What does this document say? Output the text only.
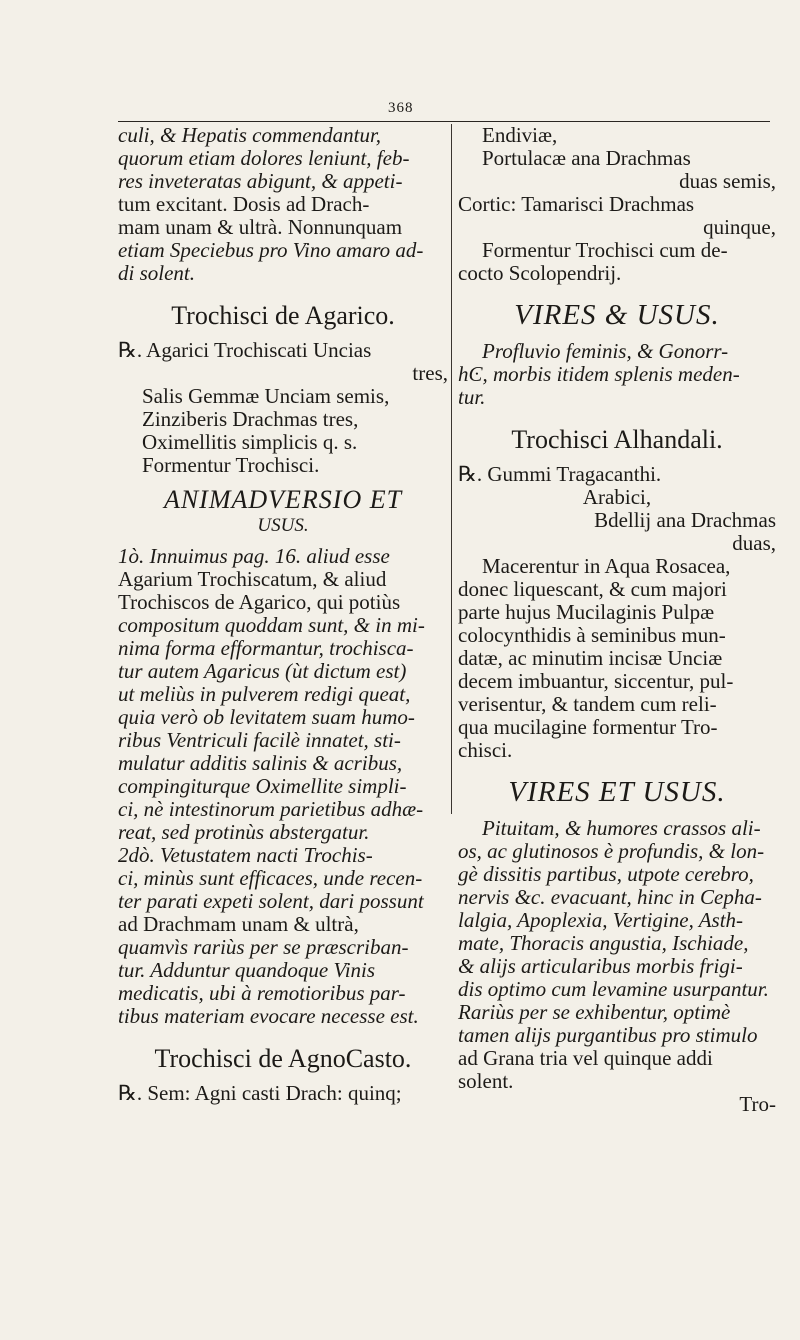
368

culi, & Hepatis commendantur,

quorum etiam dolores leniunt, feb-

res inveteratas abigunt, & appeti-

tum excitant. Dosis ad Drach-

mam unam & ultrà. Nonnunquam

etiam Speciebus pro Vino amaro ad-

di solent.

Trochisci de Agarico.

℞. Agarici Trochiscati Uncias

tres,

Salis Gemmæ Unciam semis,

Zinziberis Drachmas tres,

Oximellitis simplicis q. s.

Formentur Trochisci.

ANIMADVERSIO ET
USUS.

1ò. Innuimus pag. 16. aliud esse

Agarium Trochiscatum, & aliud

Trochiscos de Agarico, qui potiùs

compositum quoddam sunt, & in mi-

nima forma efformantur, trochisca-

tur autem Agaricus (ùt dictum est)

ut meliùs in pulverem redigi queat,

quia verò ob levitatem suam humo-

ribus Ventriculi facilè innatet, sti-

mulatur additis salinis & acribus,

compingiturque Oximellite simpli-

ci, nè intestinorum parietibus adhæ-

reat, sed protinùs abstergatur.

2dò. Vetustatem nacti Trochis-

ci, minùs sunt efficaces, unde recen-

ter parati expeti solent, dari possunt

ad Drachmam unam & ultrà,

quamvìs rariùs per se præscriban-

tur. Adduntur quandoque Vinis

medicatis, ubi à remotioribus par-

tibus materiam evocare necesse est.

Trochisci de AgnoCasto.

℞. Sem: Agni casti Drach: quinq;

Endiviæ,

Portulacæ ana Drachmas

duas semis,

Cortic: Tamarisci Drachmas

quinque,

Formentur Trochisci cum de-

cocto Scolopendrij.

VIRES & USUS.

Profluvio feminis, & Gonorr-

hϾ, morbis itidem splenis meden-

tur.

Trochisci Alhandali.

℞. Gummi Tragacanthi.

Arabici,

Bdellij ana Drachmas

duas,

Macerentur in Aqua Rosacea,

donec liquescant, & cum majori

parte hujus Mucilaginis Pulpæ

colocynthidis à seminibus mun-

datæ, ac minutim incisæ Unciæ

decem imbuantur, siccentur, pul-

verisentur, & tandem cum reli-

qua mucilagine formentur Tro-

chisci.

VIRES ET USUS.

Pituitam, & humores crassos ali-

os, ac glutinosos è profundis, & lon-

gè dissitis partibus, utpote cerebro,

nervis &c. evacuant, hinc in Cepha-

lalgia, Apoplexia, Vertigine, Asth-

mate, Thoracis angustia, Ischiade,

& alijs articularibus morbis frigi-

dis optimo cum levamine usurpantur.

Rariùs per se exhibentur, optimè

tamen alijs purgantibus pro stimulo

ad Grana tria vel quinque addi

solent.

Tro-
